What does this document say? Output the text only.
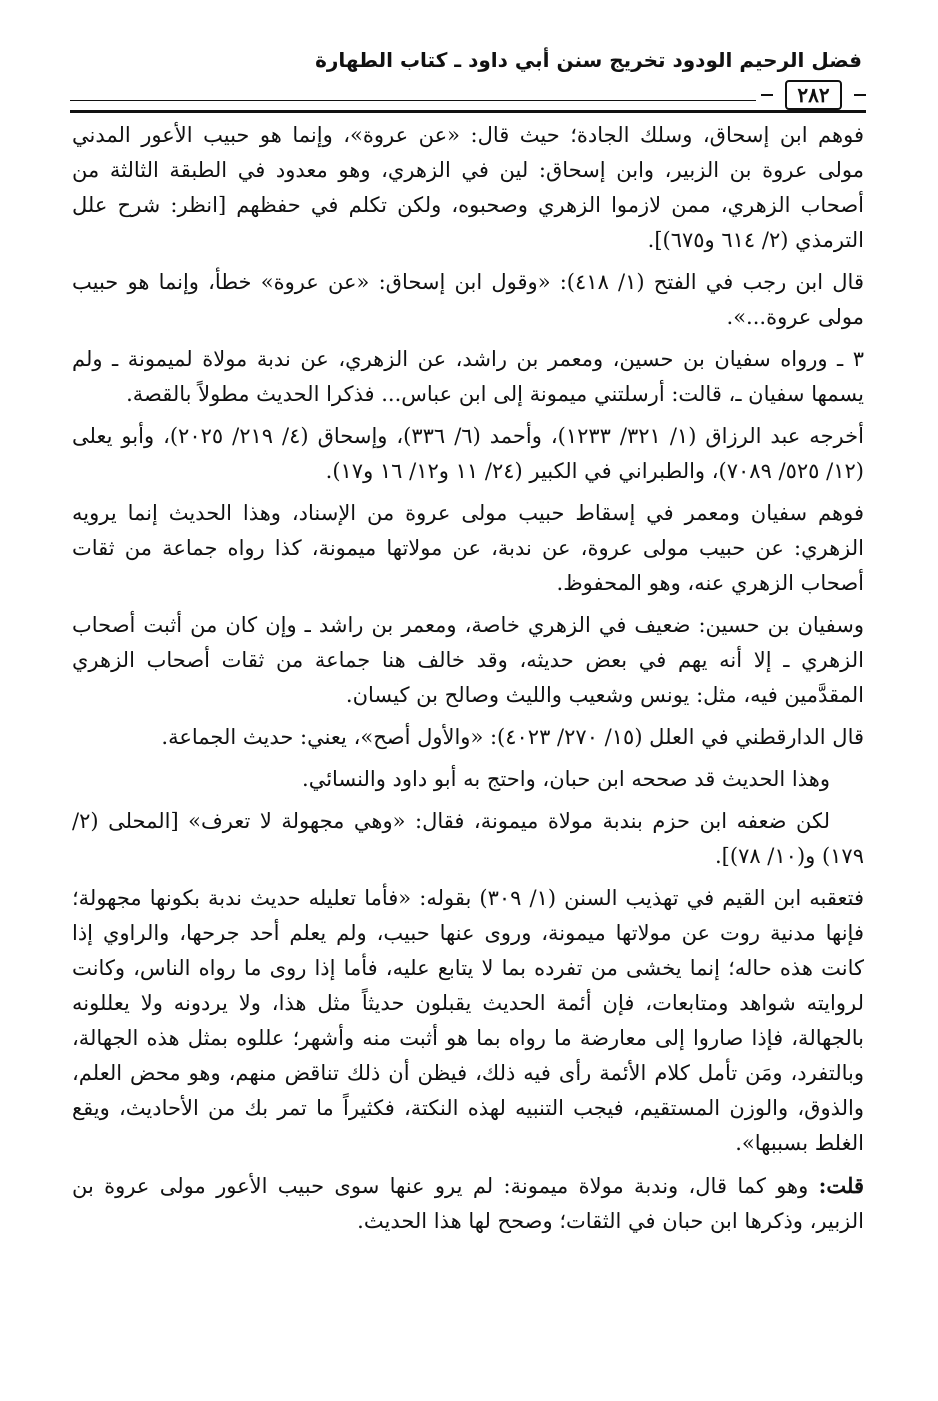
فضل الرحيم الودود تخريج سنن أبي داود ـ كتاب الطهارة
٢٨٢

فوهم ابن إسحاق، وسلك الجادة؛ حيث قال: «عن عروة»، وإنما هو حبيب الأعور المدني مولى عروة بن الزبير، وابن إسحاق: لين في الزهري، وهو معدود في الطبقة الثالثة من أصحاب الزهري، ممن لازموا الزهري وصحبوه، ولكن تكلم في حفظهم [انظر: شرح علل الترمذي (٢/ ٦١٤ و٦٧٥)].

قال ابن رجب في الفتح (١/ ٤١٨): «وقول ابن إسحاق: «عن عروة» خطأ، وإنما هو حبيب مولى عروة...».

٣ ـ ورواه سفيان بن حسين، ومعمر بن راشد، عن الزهري، عن ندبة مولاة لميمونة ـ ولم يسمها سفيان ـ، قالت: أرسلتني ميمونة إلى ابن عباس... فذكرا الحديث مطولاً بالقصة.

أخرجه عبد الرزاق (١/ ٣٢١/ ١٢٣٣)، وأحمد (٦/ ٣٣٦)، وإسحاق (٤/ ٢١٩/ ٢٠٢٥)، وأبو يعلى (١٢/ ٥٢٥/ ٧٠٨٩)، والطبراني في الكبير (٢٤/ ١١ و١٢/ ١٦ و١٧).

فوهم سفيان ومعمر في إسقاط حبيب مولى عروة من الإسناد، وهذا الحديث إنما يرويه الزهري: عن حبيب مولى عروة، عن ندبة، عن مولاتها ميمونة، كذا رواه جماعة من ثقات أصحاب الزهري عنه، وهو المحفوظ.

وسفيان بن حسين: ضعيف في الزهري خاصة، ومعمر بن راشد ـ وإن كان من أثبت أصحاب الزهري ـ إلا أنه يهم في بعض حديثه، وقد خالف هنا جماعة من ثقات أصحاب الزهري المقدَّمين فيه، مثل: يونس وشعيب والليث وصالح بن كيسان.

قال الدارقطني في العلل (١٥/ ٢٧٠/ ٤٠٢٣): «والأول أصح»، يعني: حديث الجماعة.

وهذا الحديث قد صححه ابن حبان، واحتج به أبو داود والنسائي.

لكن ضعفه ابن حزم بندبة مولاة ميمونة، فقال: «وهي مجهولة لا تعرف» [المحلى (٢/ ١٧٩) و(١٠/ ٧٨)].

فتعقبه ابن القيم في تهذيب السنن (١/ ٣٠٩) بقوله: «فأما تعليله حديث ندبة بكونها مجهولة؛ فإنها مدنية روت عن مولاتها ميمونة، وروى عنها حبيب، ولم يعلم أحد جرحها، والراوي إذا كانت هذه حاله؛ إنما يخشى من تفرده بما لا يتابع عليه، فأما إذا روى ما رواه الناس، وكانت لروايته شواهد ومتابعات، فإن أئمة الحديث يقبلون حديثاً مثل هذا، ولا يردونه ولا يعللونه بالجهالة، فإذا صاروا إلى معارضة ما رواه بما هو أثبت منه وأشهر؛ عللوه بمثل هذه الجهالة، وبالتفرد، ومَن تأمل كلام الأئمة رأى فيه ذلك، فيظن أن ذلك تناقض منهم، وهو محض العلم، والذوق، والوزن المستقيم، فيجب التنبيه لهذه النكتة، فكثيراً ما تمر بك من الأحاديث، ويقع الغلط بسببها».

قلت: وهو كما قال، وندبة مولاة ميمونة: لم يرو عنها سوى حبيب الأعور مولى عروة بن الزبير، وذكرها ابن حبان في الثقات؛ وصحح لها هذا الحديث.
